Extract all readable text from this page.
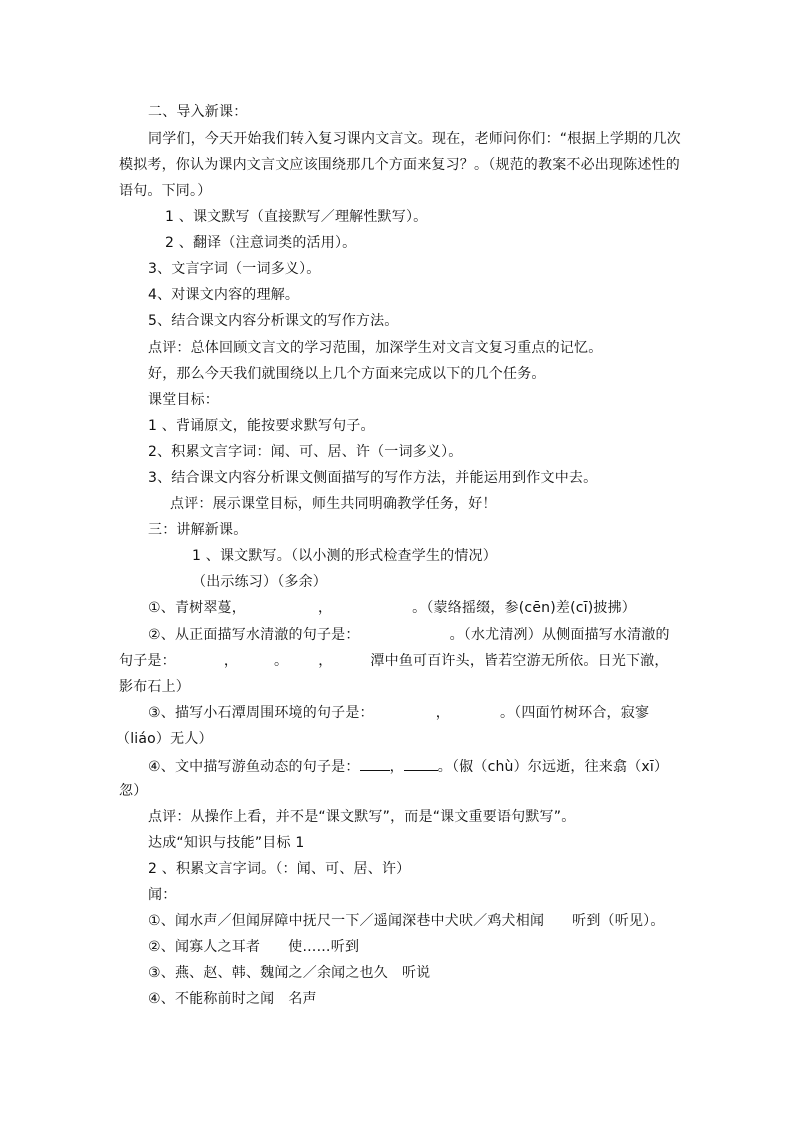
二、导入新课：
同学们，今天开始我们转入复习课内文言文。现在，老师问你们：“根据上学期的几次
模拟考，你认为课内文言文应该围绕那几个方面来复习？。（规范的教案不必出现陈述性的
语句。下同。）
1 、课文默写（直接默写／理解性默写）。
2 、翻译（注意词类的活用）。
3、文言字词（一词多义）。
4、对课文内容的理解。
5、结合课文内容分析课文的写作方法。
点评：总体回顾文言文的学习范围，加深学生对文言文复习重点的记忆。
好，那么今天我们就围绕以上几个方面来完成以下的几个任务。
课堂目标：
1 、背诵原文，能按要求默写句子。
2、积累文言字词：闻、可、居、许（一词多义）。
3、结合课文内容分析课文侧面描写的写作方法，并能运用到作文中去。
点评：展示课堂目标，师生共同明确教学任务，好！
三：讲解新课。
1 、课文默写。（以小测的形式检查学生的情况）
（出示练习）（多余）
①、青树翠蔓，	，	。（蒙络摇缀，参(cēn)差(cī)披拂）
②、从正面描写水清澈的句子是：	。（水尤清冽）从侧面描写水清澈的
句子是：	，	。 ，	潭中鱼可百许头，皆若空游无所依。日光下澈，
影布石上）
③、描写小石潭周围环境的句子是：	，	。（四面竹树环合，寂寥
（liáo）无人）
④、文中描写游鱼动态的句子是： ， 。（俶（chù）尔远逝，往来翕（xī）
忽）
点评：从操作上看，并不是“课文默写”，而是“课文重要语句默写”。
达成“知识与技能”目标 1
2 、积累文言字词。（：闻、可、居、许）
闻：
①、闻水声／但闻屏障中抚尺一下／遥闻深巷中犬吠／鸡犬相闻 听到（听见）。
②、闻寡人之耳者 使……听到
③、燕、赵、韩、魏闻之／余闻之也久 听说
④、不能称前时之闻 名声
